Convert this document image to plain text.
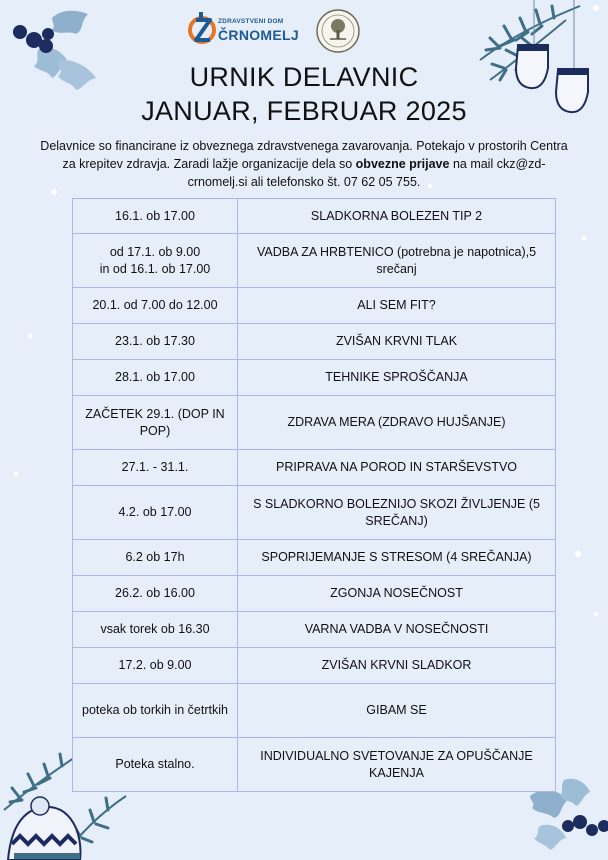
ZDRAVSTVENI DOM
ČRNOMELJ
URNIK DELAVNIC
JANUAR, FEBRUAR 2025
Delavnice so financirane iz obveznega zdravstvenega zavarovanja. Potekajo v prostorih Centra za krepitev zdravja. Zaradi lažje organizacije dela so obvezne prijave na mail ckz@zd-crnomelj.si ali telefonsko št. 07 62 05 755.
16.1. ob 17.00	SLADKORNA BOLEZEN TIP 2
od 17.1. ob 9.00
in od 16.1. ob 17.00	VADBA ZA HRBTENICO (potrebna je napotnica),5 srečanj
20.1. od 7.00 do 12.00	ALI SEM FIT?
23.1. ob 17.30	ZVIŠAN KRVNI TLAK
28.1. ob 17.00	TEHNIKE SPROŠČANJA
ZAČETEK 29.1. (DOP IN POP)	ZDRAVA MERA (ZDRAVO HUJŠANJE)
27.1. - 31.1.	PRIPRAVA NA POROD IN STARŠEVSTVO
4.2. ob 17.00	S SLADKORNO BOLEZNIJO SKOZI ŽIVLJENJE (5 SREČANJ)
6.2 ob 17h	SPOPRIJEMANJE S STRESOM (4 SREČANJA)
26.2. ob 16.00	ZGONJA NOSEČNOST
vsak torek ob 16.30	VARNA VADBA V NOSEČNOSTI
17.2. ob 9.00	ZVIŠAN KRVNI SLADKOR
poteka ob torkih in četrtkih	GIBAM SE
Poteka stalno.	INDIVIDUALNO SVETOVANJE ZA OPUŠČANJE KAJENJA
